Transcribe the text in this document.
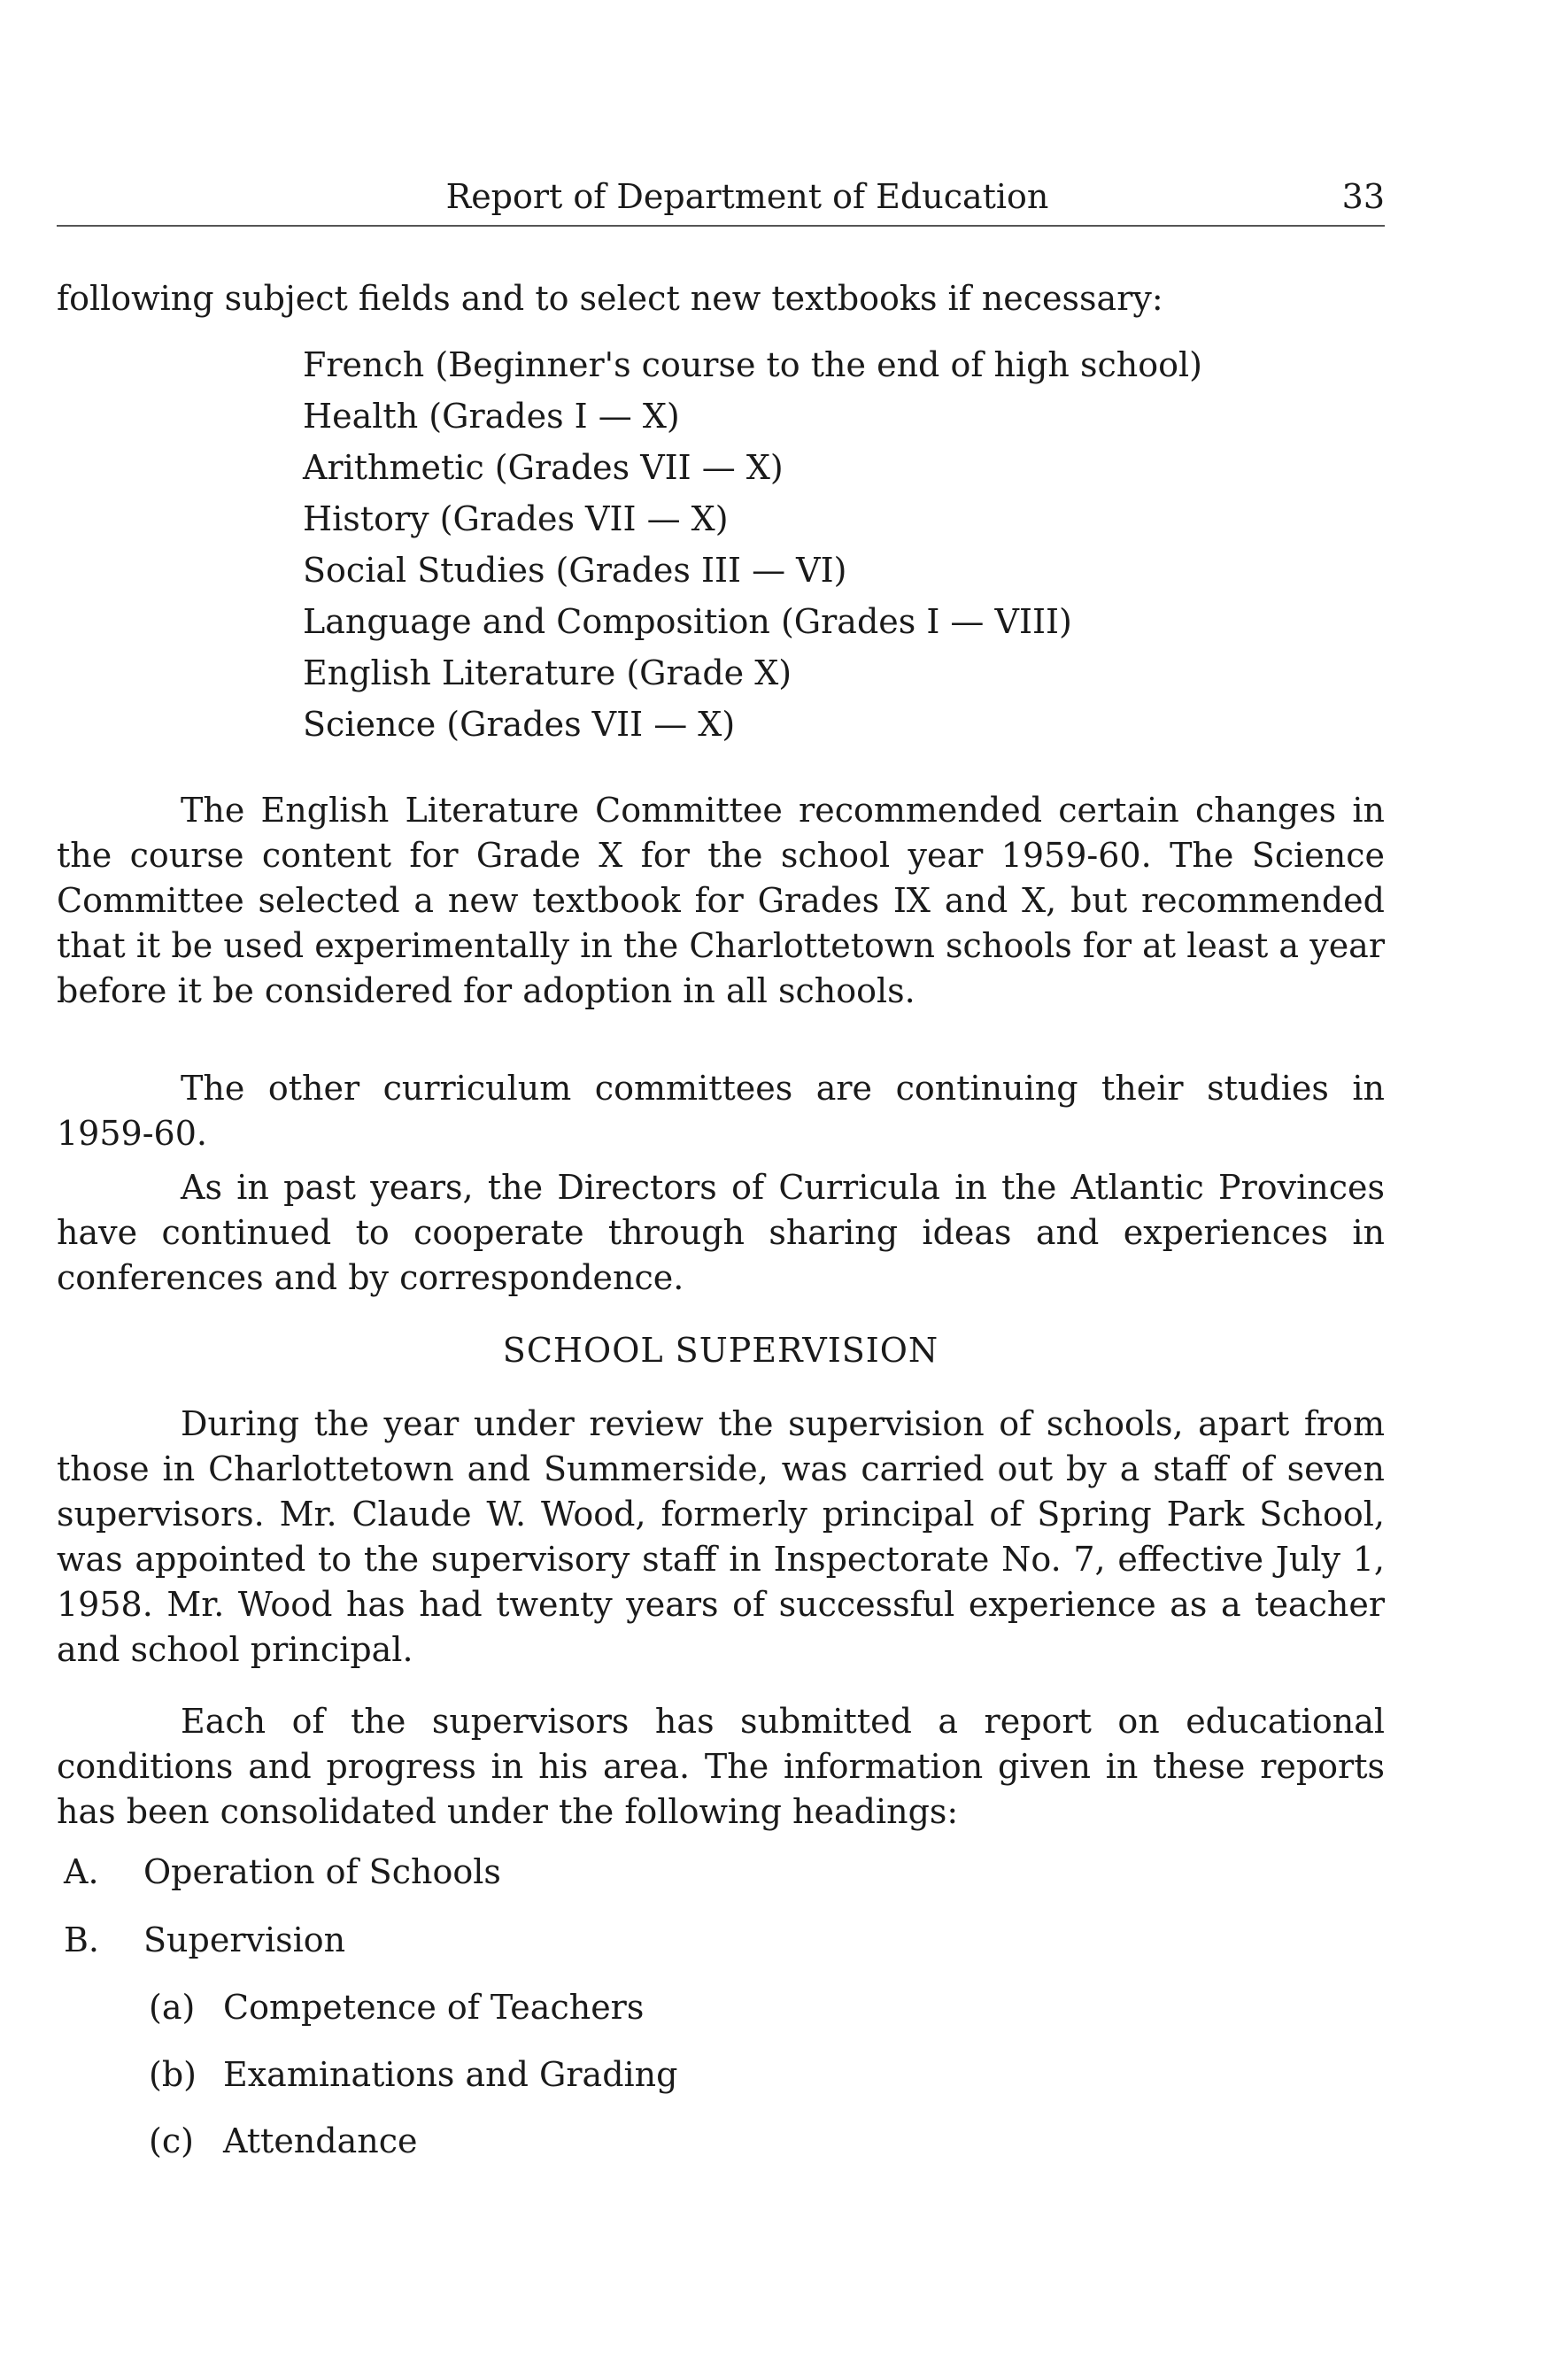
Report of Department of Education	33

following subject fields and to select new textbooks if necessary:

French (Beginner's course to the end of high school)
Health (Grades I — X)
Arithmetic (Grades VII — X)
History (Grades VII — X)
Social Studies (Grades III — VI)
Language and Composition (Grades I — VIII)
English Literature (Grade X)
Science (Grades VII — X)

The English Literature Committee recommended certain changes in the course content for Grade X for the school year 1959-60. The Science Committee selected a new textbook for Grades IX and X, but recommended that it be used experimentally in the Charlottetown schools for at least a year before it be considered for adoption in all schools.

The other curriculum committees are continuing their studies in 1959-60.

As in past years, the Directors of Curricula in the Atlantic Provinces have continued to cooperate through sharing ideas and experiences in conferences and by correspondence.

SCHOOL SUPERVISION

During the year under review the supervision of schools, apart from those in Charlottetown and Summerside, was carried out by a staff of seven supervisors. Mr. Claude W. Wood, formerly principal of Spring Park School, was appointed to the supervisory staff in Inspectorate No. 7, effective July 1, 1958. Mr. Wood has had twenty years of successful experience as a teacher and school principal.

Each of the supervisors has submitted a report on educational conditions and progress in his area. The information given in these reports has been consolidated under the following headings:

A. Operation of Schools
B. Supervision
(a) Competence of Teachers
(b) Examinations and Grading
(c) Attendance
